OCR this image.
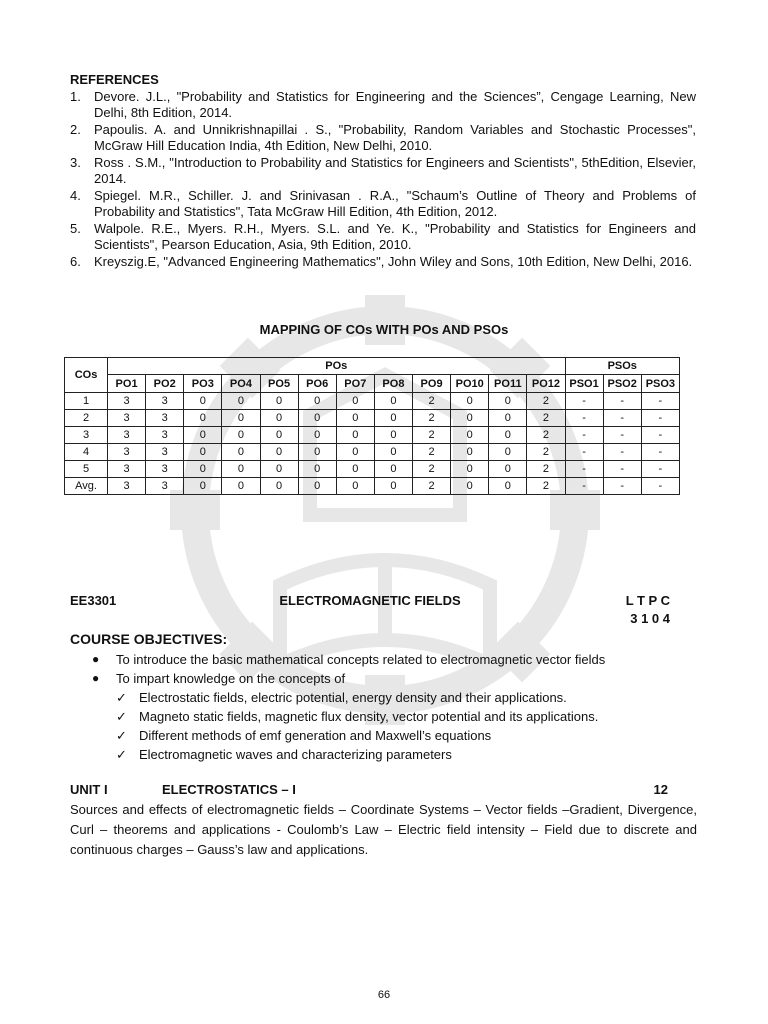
REFERENCES
1.	Devore. J.L., "Probability and Statistics for Engineering and the Sciences”, Cengage Learning, New Delhi, 8th Edition, 2014.
2.	Papoulis. A. and Unnikrishnapillai . S., "Probability, Random Variables and Stochastic Processes", McGraw Hill Education India, 4th Edition, New Delhi, 2010.
3.	Ross . S.M., "Introduction to Probability and Statistics for Engineers and Scientists", 5thEdition, Elsevier, 2014.
4.	Spiegel. M.R., Schiller. J. and Srinivasan . R.A., "Schaum’s Outline of Theory and Problems of Probability and Statistics", Tata McGraw Hill Edition, 4th Edition, 2012.
5.	Walpole. R.E., Myers. R.H., Myers. S.L. and Ye. K., "Probability and Statistics for Engineers and Scientists", Pearson Education, Asia, 9th Edition, 2010.
6.	Kreyszig.E, "Advanced Engineering Mathematics", John Wiley and Sons, 10th Edition, New Delhi, 2016.
MAPPING OF COs WITH POs AND PSOs
COs	POs												PSOs		
	PO1	PO2	PO3	PO4	PO5	PO6	PO7	PO8	PO9	PO10	PO11	PO12	PSO1	PSO2	PSO3
1	3	3	0	0	0	0	0	0	2	0	0	2	-	-	-
2	3	3	0	0	0	0	0	0	2	0	0	2	-	-	-
3	3	3	0	0	0	0	0	0	2	0	0	2	-	-	-
4	3	3	0	0	0	0	0	0	2	0	0	2	-	-	-
5	3	3	0	0	0	0	0	0	2	0	0	2	-	-	-
Avg.	3	3	0	0	0	0	0	0	2	0	0	2	-	-	-
EE3301	ELECTROMAGNETIC FIELDS	L T P C
3 1 0 4
COURSE OBJECTIVES:
●	To introduce the basic mathematical concepts related to electromagnetic vector fields
●	To impart knowledge on the concepts of
✓ Electrostatic fields, electric potential, energy density and their applications.
✓ Magneto static fields, magnetic flux density, vector potential and its applications.
✓ Different methods of emf generation and Maxwell’s equations
✓ Electromagnetic waves and characterizing parameters
UNIT I	ELECTROSTATICS – I	12
Sources and effects of electromagnetic fields – Coordinate Systems – Vector fields –Gradient, Divergence, Curl – theorems and applications - Coulomb’s Law – Electric field intensity – Field due to discrete and continuous charges – Gauss’s law and applications.
66
